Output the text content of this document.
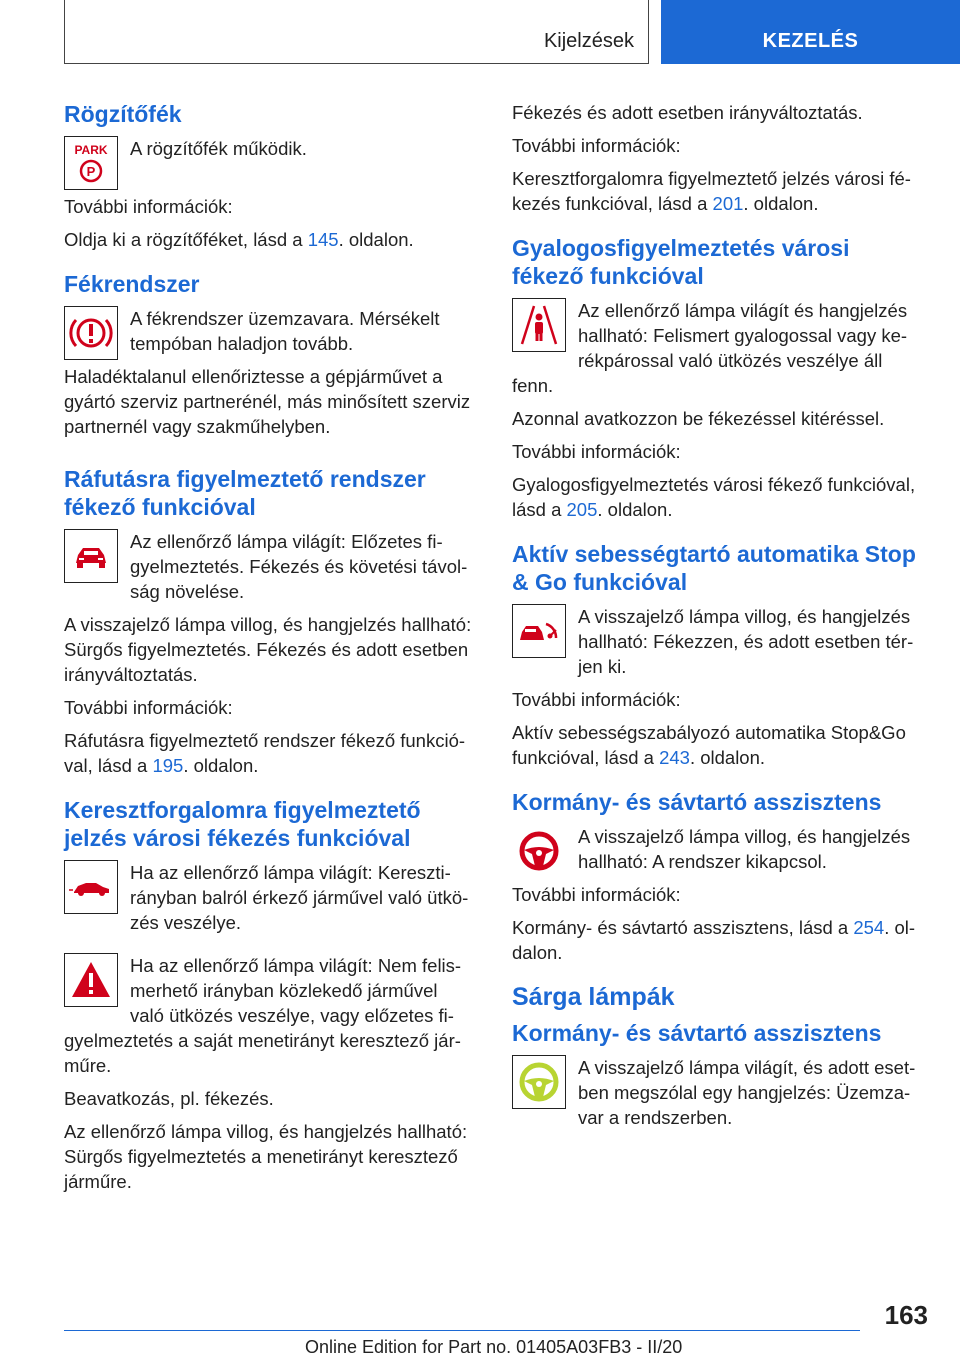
Kijelzések	KEZELÉS
Rögzítőfék
PARK
P

A rögzítőfék működik.

További információk:

Oldja ki a rögzítőféket, lásd a 145. oldalon.

Fékrendszer

A fékrendszer üzemzavara. Mérsékelt tempóban haladjon tovább.

Haladéktalanul ellenőriztesse a gépjárművet a gyártó szerviz partnerénél, más minősített szerviz partnernél vagy szakműhelyben.

Ráfutásra figyelmeztető rendszer fékező funkcióval

Az ellenőrző lámpa világít: Előzetes figyelmeztetés. Fékezés és követési távolság növelése.

A visszajelző lámpa villog, és hangjelzés hallható: Sürgős figyelmeztetés. Fékezés és adott esetben irányváltoztatás.

További információk:

Ráfutásra figyelmeztető rendszer fékező funkcióval, lásd a 195. oldalon.

Keresztforgalomra figyelmeztető jelzés városi fékezés funkcióval

Ha az ellenőrző lámpa világít: Keresztirányban balról érkező járművel való ütközés veszélye.

Ha az ellenőrző lámpa világít: Nem felismerhető irányban közlekedő járművel való ütközés veszélye, vagy előzetes figyelmeztetés a saját menetirányt keresztező járműre.

Beavatkozás, pl. fékezés.

Az ellenőrző lámpa villog, és hangjelzés hallható: Sürgős figyelmeztetés a menetirányt keresztező járműre.

Fékezés és adott esetben irányváltoztatás.

További információk:

Keresztforgalomra figyelmeztető jelzés városi fékezés funkcióval, lásd a 201. oldalon.

Gyalogosfigyelmeztetés városi fékező funkcióval

Az ellenőrző lámpa világít és hangjelzés hallható: Felismert gyalogossal vagy kerékpárossal való ütközés veszélye áll fenn.

Azonnal avatkozzon be fékezéssel kitéréssel.

További információk:

Gyalogosfigyelmeztetés városi fékező funkcióval, lásd a 205. oldalon.

Aktív sebességtartó automatika Stop & Go funkcióval

A visszajelző lámpa villog, és hangjelzés hallható: Fékezzen, és adott esetben térjen ki.

További információk:

Aktív sebességszabályozó automatika Stop&Go funkcióval, lásd a 243. oldalon.

Kormány- és sávtartó asszisztens

A visszajelző lámpa villog, és hangjelzés hallható: A rendszer kikapcsol.

További információk:

Kormány- és sávtartó asszisztens, lásd a 254. oldalon.

Sárga lámpák
Kormány- és sávtartó asszisztens

A visszajelző lámpa világít, és adott esetben megszólal egy hangjelzés: Üzemzavar a rendszerben.

163
Online Edition for Part no. 01405A03FB3 - II/20
